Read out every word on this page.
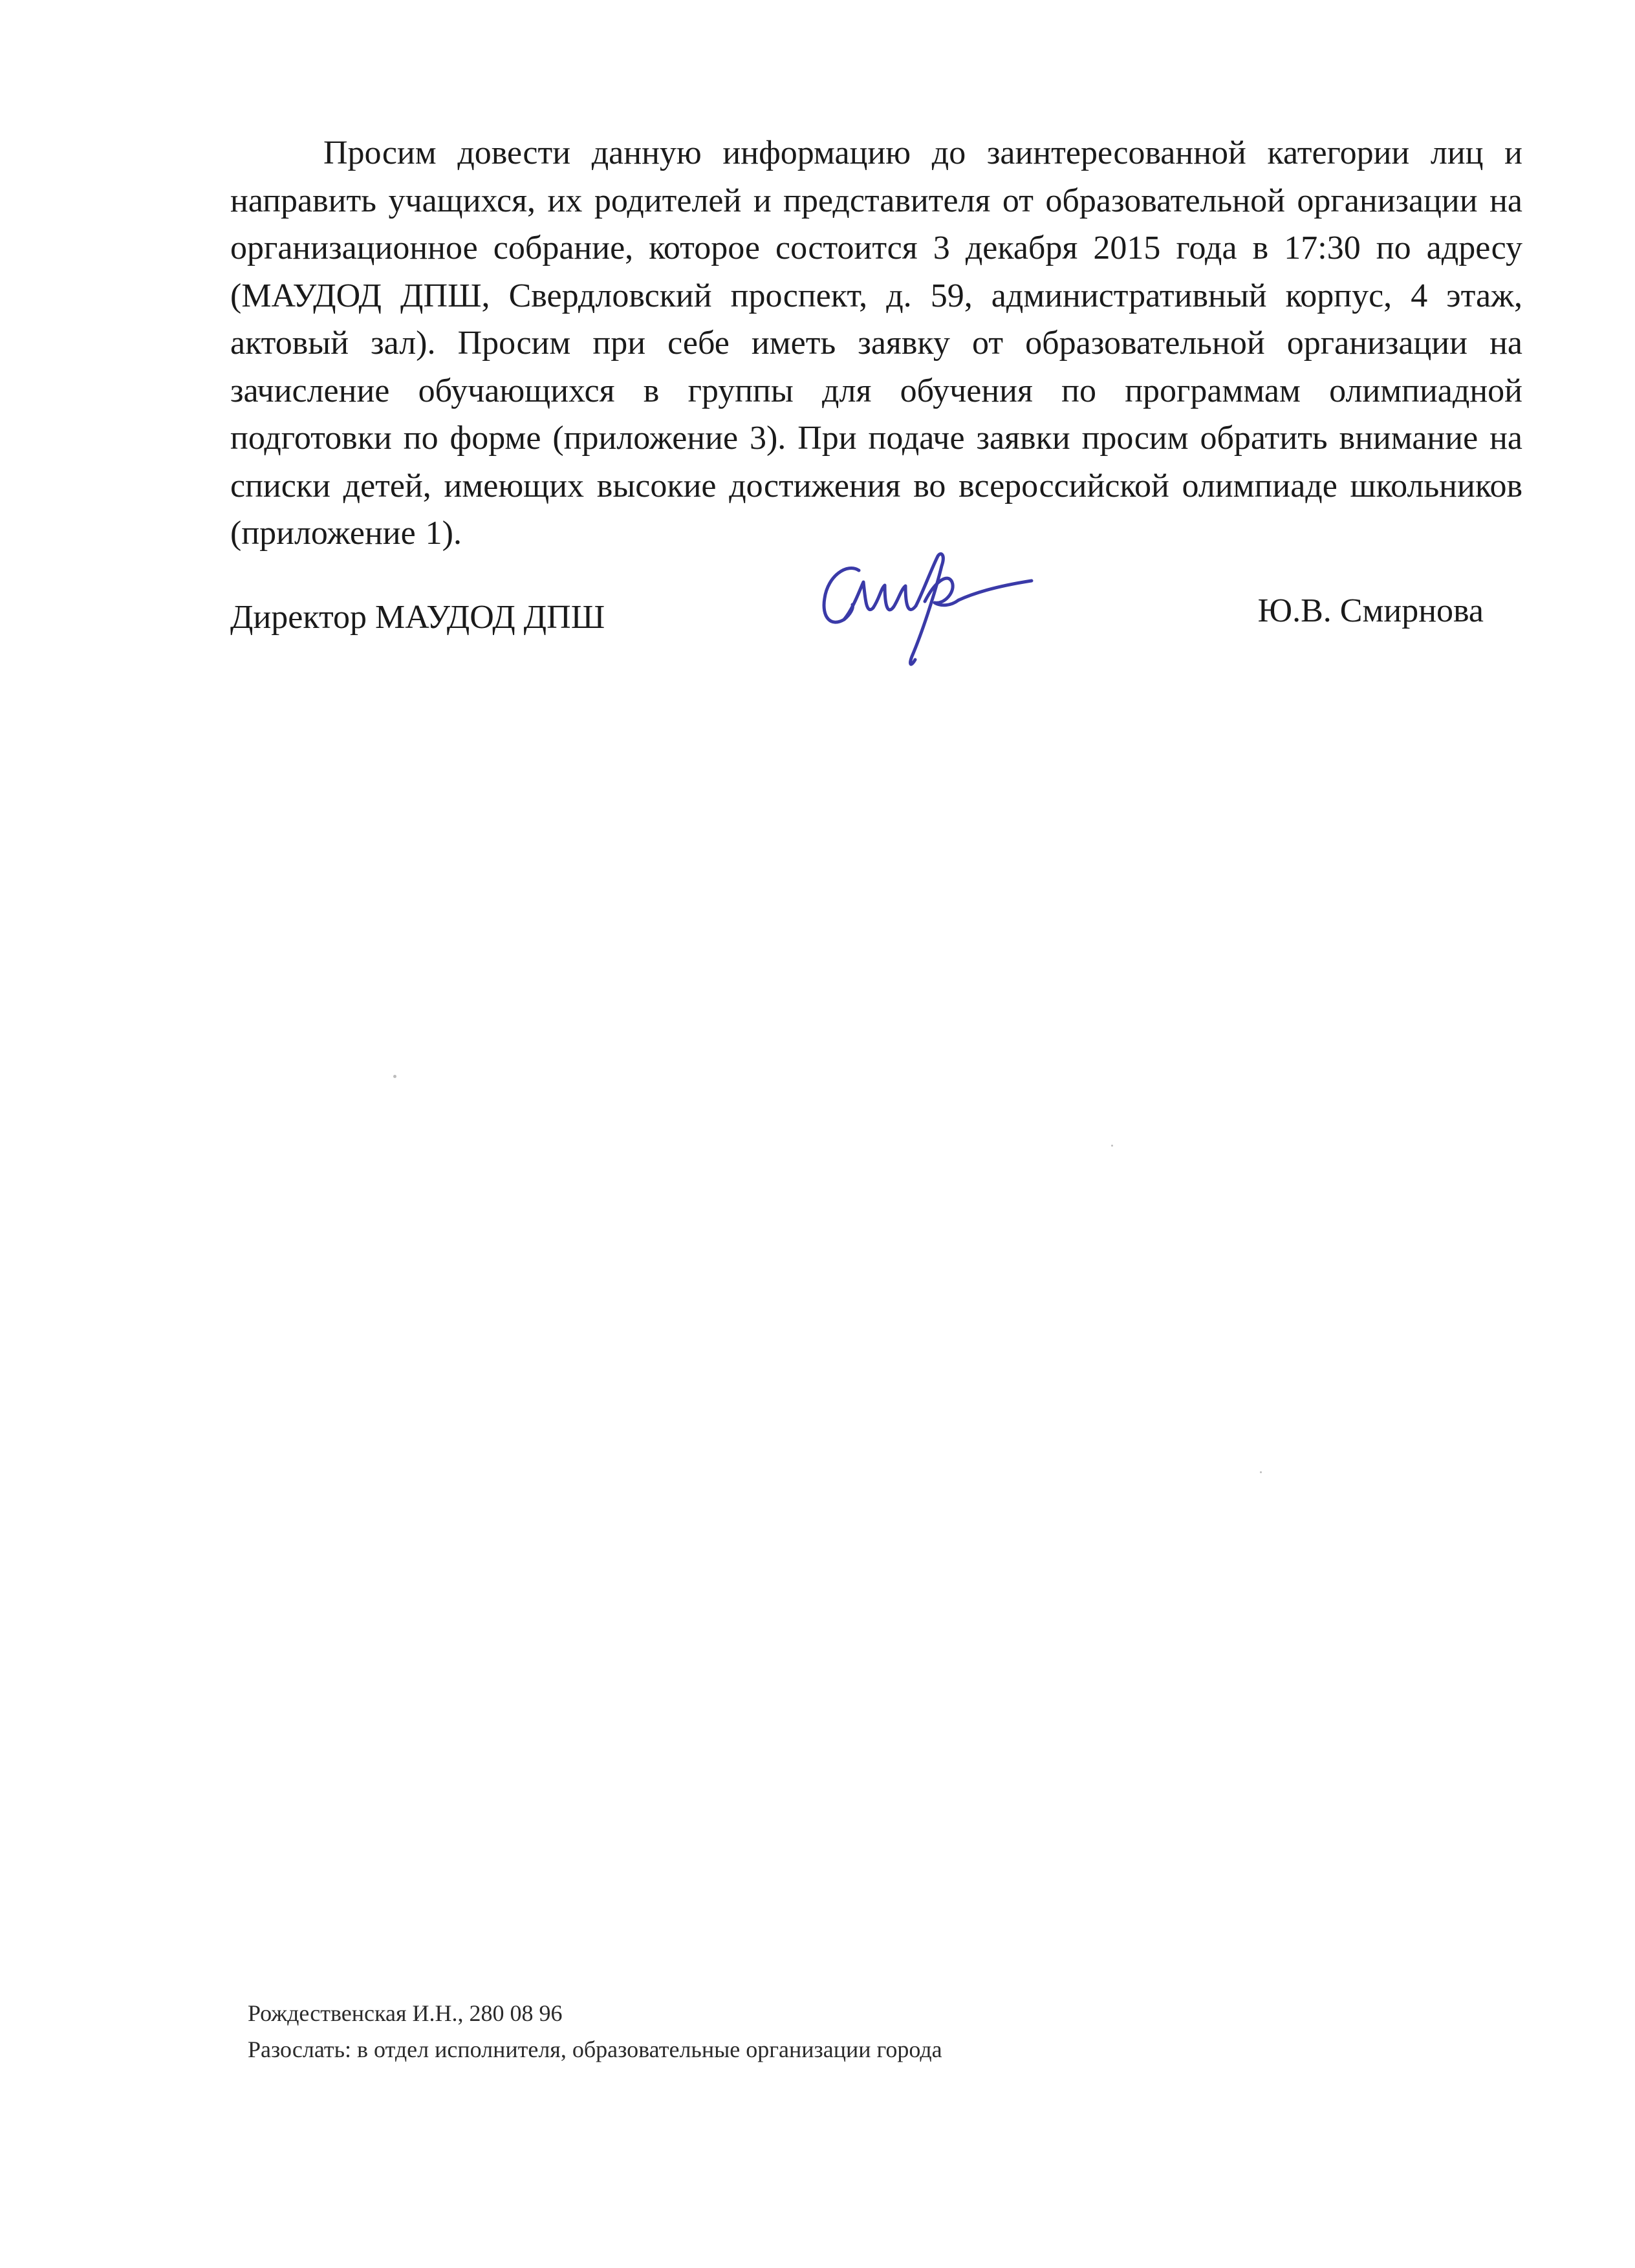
Просим довести данную информацию до заинтересованной категории лиц и направить учащихся, их родителей и представителя от образовательной организации на организационное собрание, которое состоится 3 декабря 2015 года в 17:30 по адресу (МАУДОД ДПШ, Свердловский проспект, д. 59, административный корпус, 4 этаж, актовый зал). Просим при себе иметь заявку от образовательной организации на зачисление обучающихся в группы для обучения по программам олимпиадной подготовки по форме (приложение 3). При подаче заявки просим обратить внимание на списки детей, имеющих высокие достижения во всероссийской олимпиаде школьников (приложение 1).

Директор МАУДОД ДПШ	Ю.В. Смирнова
Рождественская И.Н., 280 08 96
Разослать: в отдел исполнителя, образовательные организации города
